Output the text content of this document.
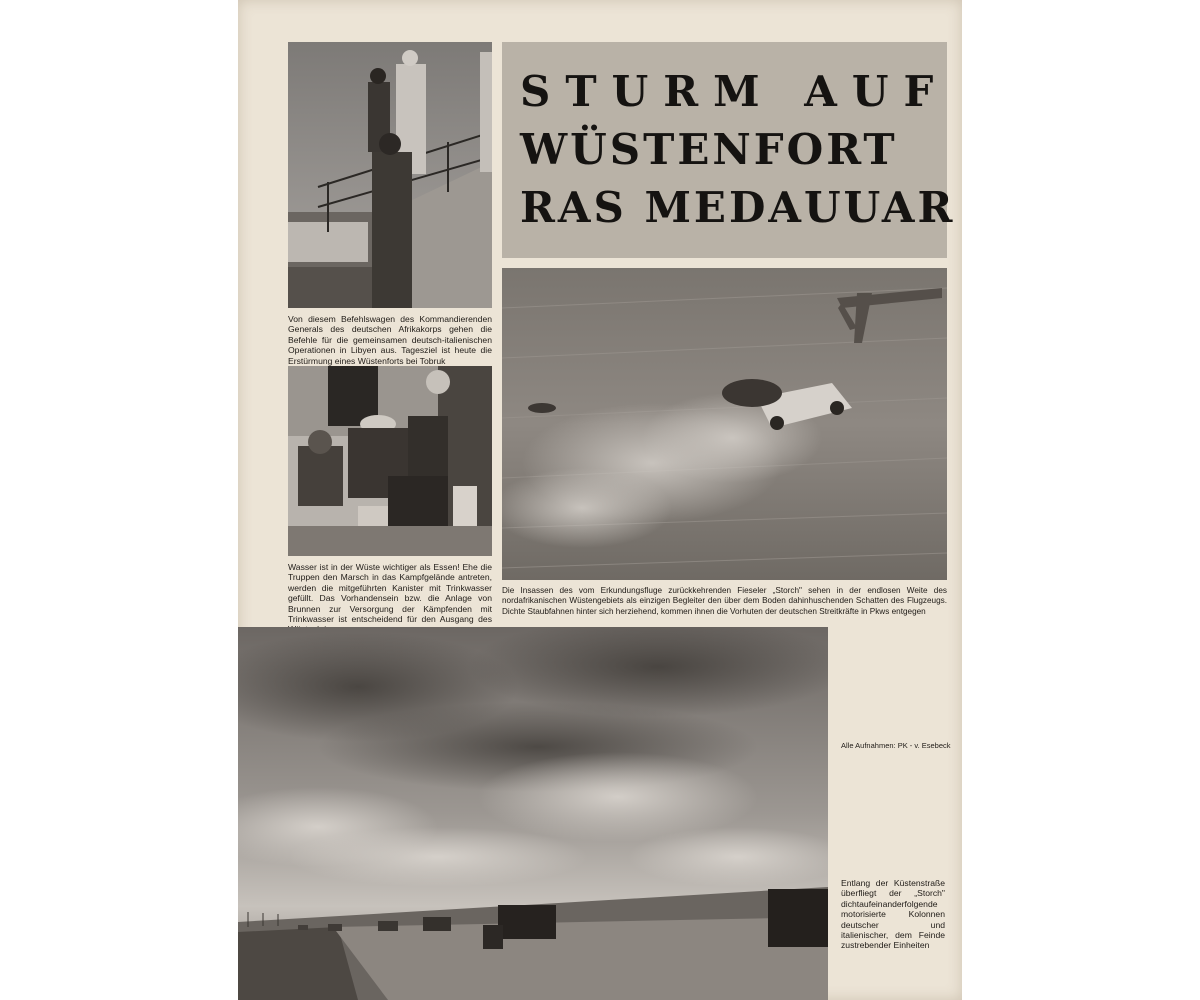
Von diesem Befehlswagen des Kommandierenden Generals des deutschen Afrikakorps gehen die Befehle für die gemeinsamen deutsch-italienischen Operationen in Libyen aus. Tagesziel ist heute die Erstürmung eines Wüstenforts bei Tobruk
Wasser ist in der Wüste wichtiger als Essen! Ehe die Truppen den Marsch in das Kampfgelände antreten, werden die mitgeführten Kanister mit Trinkwasser gefüllt. Das Vorhandensein bzw. die Anlage von Brunnen zur Versorgung der Kämpfenden mit Trinkwasser ist entscheidend für den Ausgang des
STURM AUF
WÜSTENFORT
RAS MEDAUUAR
Die Insassen des vom Erkundungsfluge zurückkehrenden Fieseler „Storch" sehen in der endlosen Weite des nordafrikanischen Wüstengebiets als einzigen Begleiter den über dem Boden dahinhuschenden Schatten des Flugzeugs. Dichte Staubfahnen hinter sich herziehend, kommen ihnen die Vorhuten der deutschen Streitkräfte in Pkws entgegen
Alle Aufnahmen: PK - v. Esebeck
Entlang der Küstenstraße überfliegt der „Storch" dichtaufeinanderfolgende motorisierte Kolonnen deutscher und italienischer, dem Feinde zustrebender Einheiten
